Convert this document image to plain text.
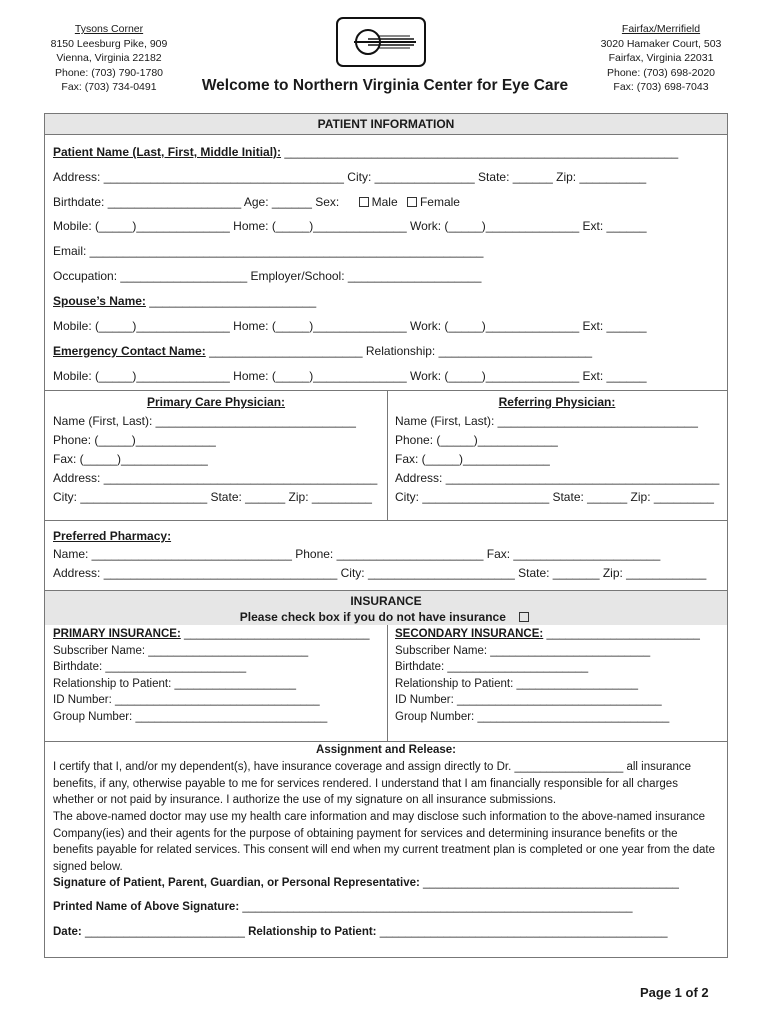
Tysons Corner
8150 Leesburg Pike, 909
Vienna, Virginia 22182
Phone: (703) 790-1780
Fax: (703) 734-0491
Fairfax/Merrifield
3020 Hamaker Court, 503
Fairfax, Virginia 22031
Phone: (703) 698-2020
Fax: (703) 698-7043
Welcome to Northern Virginia Center for Eye Care
PATIENT INFORMATION
Patient Name (Last, First, Middle Initial): ___________________________________________________________
Address: ____________________________________ City: _______________ State: ______ Zip: __________
Birthdate: ____________________ Age: ______ Sex:	Male Female
Mobile: (_____)______________ Home: (_____)______________ Work: (_____)______________ Ext: ______
Email: ___________________________________________________________
Occupation: ___________________ Employer/School: ____________________
Spouse’s Name: _________________________
Mobile: (_____)______________ Home: (_____)______________ Work: (_____)______________ Ext: ______
Emergency Contact Name: _______________________ Relationship: _______________________
Mobile: (_____)______________ Home: (_____)______________ Work: (_____)______________ Ext: ______
Primary Care Physician:
Name (First, Last): ______________________________
Phone: (_____)____________
Fax: (_____)_____________
Address: _________________________________________
City: ___________________ State: ______ Zip: _________
Referring Physician:
Name (First, Last): ______________________________
Phone: (_____)____________
Fax: (_____)_____________
Address: _________________________________________
City: ___________________ State: ______ Zip: _________
Preferred Pharmacy:
Name: ______________________________ Phone: ______________________ Fax: ______________________
Address: ___________________________________ City: ______________________ State: _______ Zip: ____________
INSURANCE
Please check box if you do not have insurance
PRIMARY INSURANCE: _____________________________
Subscriber Name: _________________________
Birthdate: ______________________
Relationship to Patient: ___________________
ID Number: ________________________________
Group Number: ______________________________
SECONDARY INSURANCE: ________________________
Subscriber Name: _________________________
Birthdate: ______________________
Relationship to Patient: ___________________
ID Number: ________________________________
Group Number: ______________________________
Assignment and Release:
I certify that I, and/or my dependent(s), have insurance coverage and assign directly to Dr. _________________ all insurance benefits, if any, otherwise payable to me for services rendered. I understand that I am financially responsible for all charges whether or not paid by insurance. I authorize the use of my signature on all insurance submissions.
The above-named doctor may use my health care information and may disclose such information to the above-named insurance Company(ies) and their agents for the purpose of obtaining payment for services and determining insurance benefits or the benefits payable for related services. This consent will end when my current treatment plan is completed or one year from the date signed below.
Signature of Patient, Parent, Guardian, or Personal Representative: ________________________________________
Printed Name of Above Signature: _____________________________________________________________
Date: _________________________ Relationship to Patient: _____________________________________________
Page 1 of 2
